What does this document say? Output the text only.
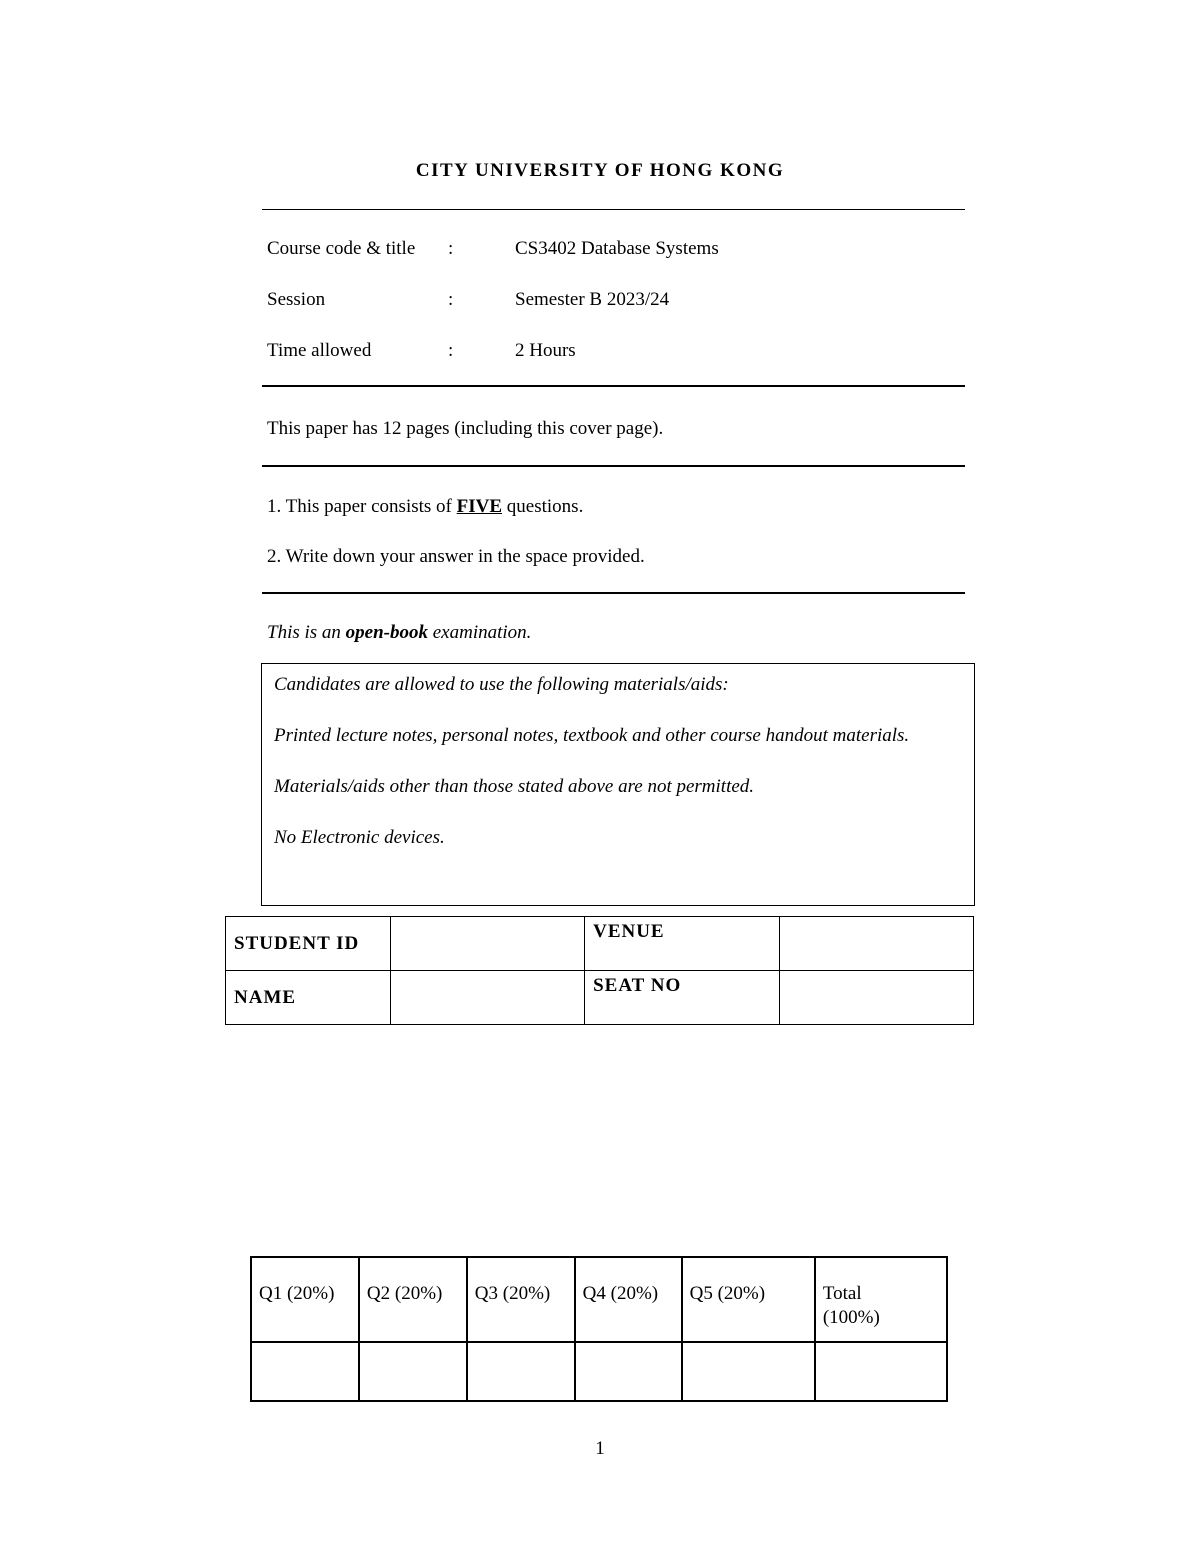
CITY UNIVERSITY OF HONG KONG
Course code & title :	CS3402 Database Systems
Session	:	Semester B 2023/24
Time allowed	:	2 Hours
This paper has 12 pages (including this cover page).
1. This paper consists of FIVE questions.
2. Write down your answer in the space provided.
This is an open-book examination.

Candidates are allowed to use the following materials/aids:

Printed lecture notes, personal notes, textbook and other course handout materials.

Materials/aids other than those stated above are not permitted.

No Electronic devices.

STUDENT ID		VENUE	
NAME		SEAT NO	
Q1 (20%)	Q2 (20%)	Q3 (20%)	Q4 (20%)	Q5 (20%)	Total (100%)

1
